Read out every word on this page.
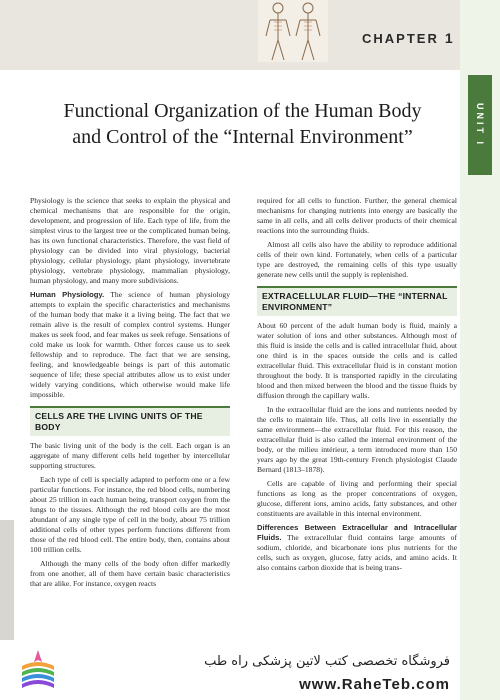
CHAPTER 1
UNIT I
Functional Organization of the Human Body
and Control of the “Internal Environment”

Physiology is the science that seeks to explain the physical and chemical mechanisms that are responsible for the origin, development, and progression of life. Each type of life, from the simplest virus to the largest tree or the complicated human being, has its own functional characteristics. Therefore, the vast field of physiology can be divided into viral physiology, bacterial physiology, cellular physiology, plant physiology, invertebrate physiology, vertebrate physiology, mammalian physiology, human physiology, and many more subdivisions.

Human Physiology. The science of human physiology attempts to explain the specific characteristics and mechanisms of the human body that make it a living being. The fact that we remain alive is the result of complex control systems. Hunger makes us seek food, and fear makes us seek refuge. Sensations of cold make us look for warmth. Other forces cause us to seek fellowship and to reproduce. The fact that we are sensing, feeling, and knowledgeable beings is part of this automatic sequence of life; these special attributes allow us to exist under widely varying conditions, which otherwise would make life impossible.

CELLS ARE THE LIVING UNITS OF THE BODY

The basic living unit of the body is the cell. Each organ is an aggregate of many different cells held together by intercellular supporting structures.

Each type of cell is specially adapted to perform one or a few particular functions. For instance, the red blood cells, numbering about 25 trillion in each human being, transport oxygen from the lungs to the tissues. Although the red blood cells are the most abundant of any single type of cell in the body, about 75 trillion additional cells of other types perform functions different from those of the red blood cell. The entire body, then, contains about 100 trillion cells.

Although the many cells of the body often differ markedly from one another, all of them have certain basic characteristics that are alike. For instance, oxygen reacts

required for all cells to function. Further, the general chemical mechanisms for changing nutrients into energy are basically the same in all cells, and all cells deliver products of their chemical reactions into the surrounding fluids.

Almost all cells also have the ability to reproduce additional cells of their own kind. Fortunately, when cells of a particular type are destroyed, the remaining cells of this type usually generate new cells until the supply is replenished.

EXTRACELLULAR FLUID—THE “INTERNAL ENVIRONMENT”

About 60 percent of the adult human body is fluid, mainly a water solution of ions and other substances. Although most of this fluid is inside the cells and is called intracellular fluid, about one third is in the spaces outside the cells and is called extracellular fluid. This extracellular fluid is in constant motion throughout the body. It is transported rapidly in the circulating blood and then mixed between the blood and the tissue fluids by diffusion through the capillary walls.

In the extracellular fluid are the ions and nutrients needed by the cells to maintain life. Thus, all cells live in essentially the same environment—the extracellular fluid. For this reason, the extracellular fluid is also called the internal environment of the body, or the milieu intérieur, a term introduced more than 150 years ago by the great 19th-century French physiologist Claude Bernard (1813–1878).

Cells are capable of living and performing their special functions as long as the proper concentrations of oxygen, glucose, different ions, amino acids, fatty substances, and other constituents are available in this internal environment.

Differences Between Extracellular and Intracellular Fluids. The extracellular fluid contains large amounts of sodium, chloride, and bicarbonate ions plus nutrients for the cells, such as oxygen, glucose, fatty acids, and amino acids. It also contains carbon dioxide that is being trans-

فروشگاه تخصصی کتب لاتین پزشکی راه طب
www.RaheTeb.com
